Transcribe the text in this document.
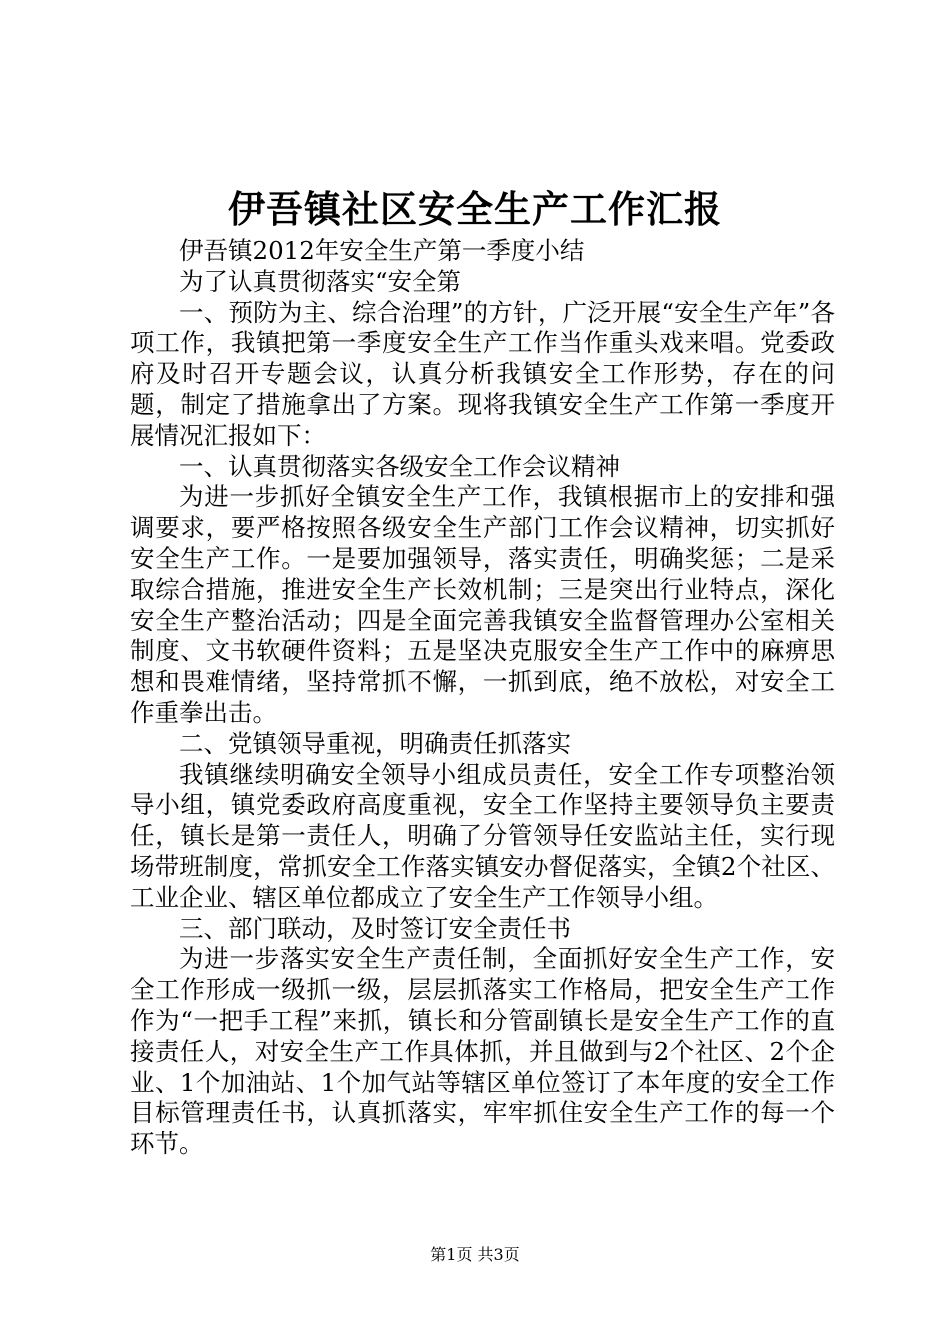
伊吾镇社区安全生产工作汇报

伊吾镇2012年安全生产第一季度小结

为了认真贯彻落实“安全第

一、预防为主、综合治理”的方针，广泛开展“安全生产年”各项工作，我镇把第一季度安全生产工作当作重头戏来唱。党委政府及时召开专题会议，认真分析我镇安全工作形势，存在的问题，制定了措施拿出了方案。现将我镇安全生产工作第一季度开展情况汇报如下：

一、认真贯彻落实各级安全工作会议精神

为进一步抓好全镇安全生产工作，我镇根据市上的安排和强调要求，要严格按照各级安全生产部门工作会议精神，切实抓好安全生产工作。一是要加强领导，落实责任，明确奖惩；二是采取综合措施，推进安全生产长效机制；三是突出行业特点，深化安全生产整治活动；四是全面完善我镇安全监督管理办公室相关制度、文书软硬件资料；五是坚决克服安全生产工作中的麻痹思想和畏难情绪，坚持常抓不懈，一抓到底，绝不放松，对安全工作重拳出击。

二、党镇领导重视，明确责任抓落实

我镇继续明确安全领导小组成员责任，安全工作专项整治领导小组，镇党委政府高度重视，安全工作坚持主要领导负主要责任，镇长是第一责任人，明确了分管领导任安监站主任，实行现场带班制度，常抓安全工作落实镇安办督促落实，全镇2个社区、工业企业、辖区单位都成立了安全生产工作领导小组。

三、部门联动，及时签订安全责任书

为进一步落实安全生产责任制，全面抓好安全生产工作，安全工作形成一级抓一级，层层抓落实工作格局，把安全生产工作作为“一把手工程”来抓，镇长和分管副镇长是安全生产工作的直接责任人，对安全生产工作具体抓，并且做到与2个社区、2个企业、1个加油站、1个加气站等辖区单位签订了本年度的安全工作目标管理责任书，认真抓落实，牢牢抓住安全生产工作的每一个环节。

第1页 共3页
